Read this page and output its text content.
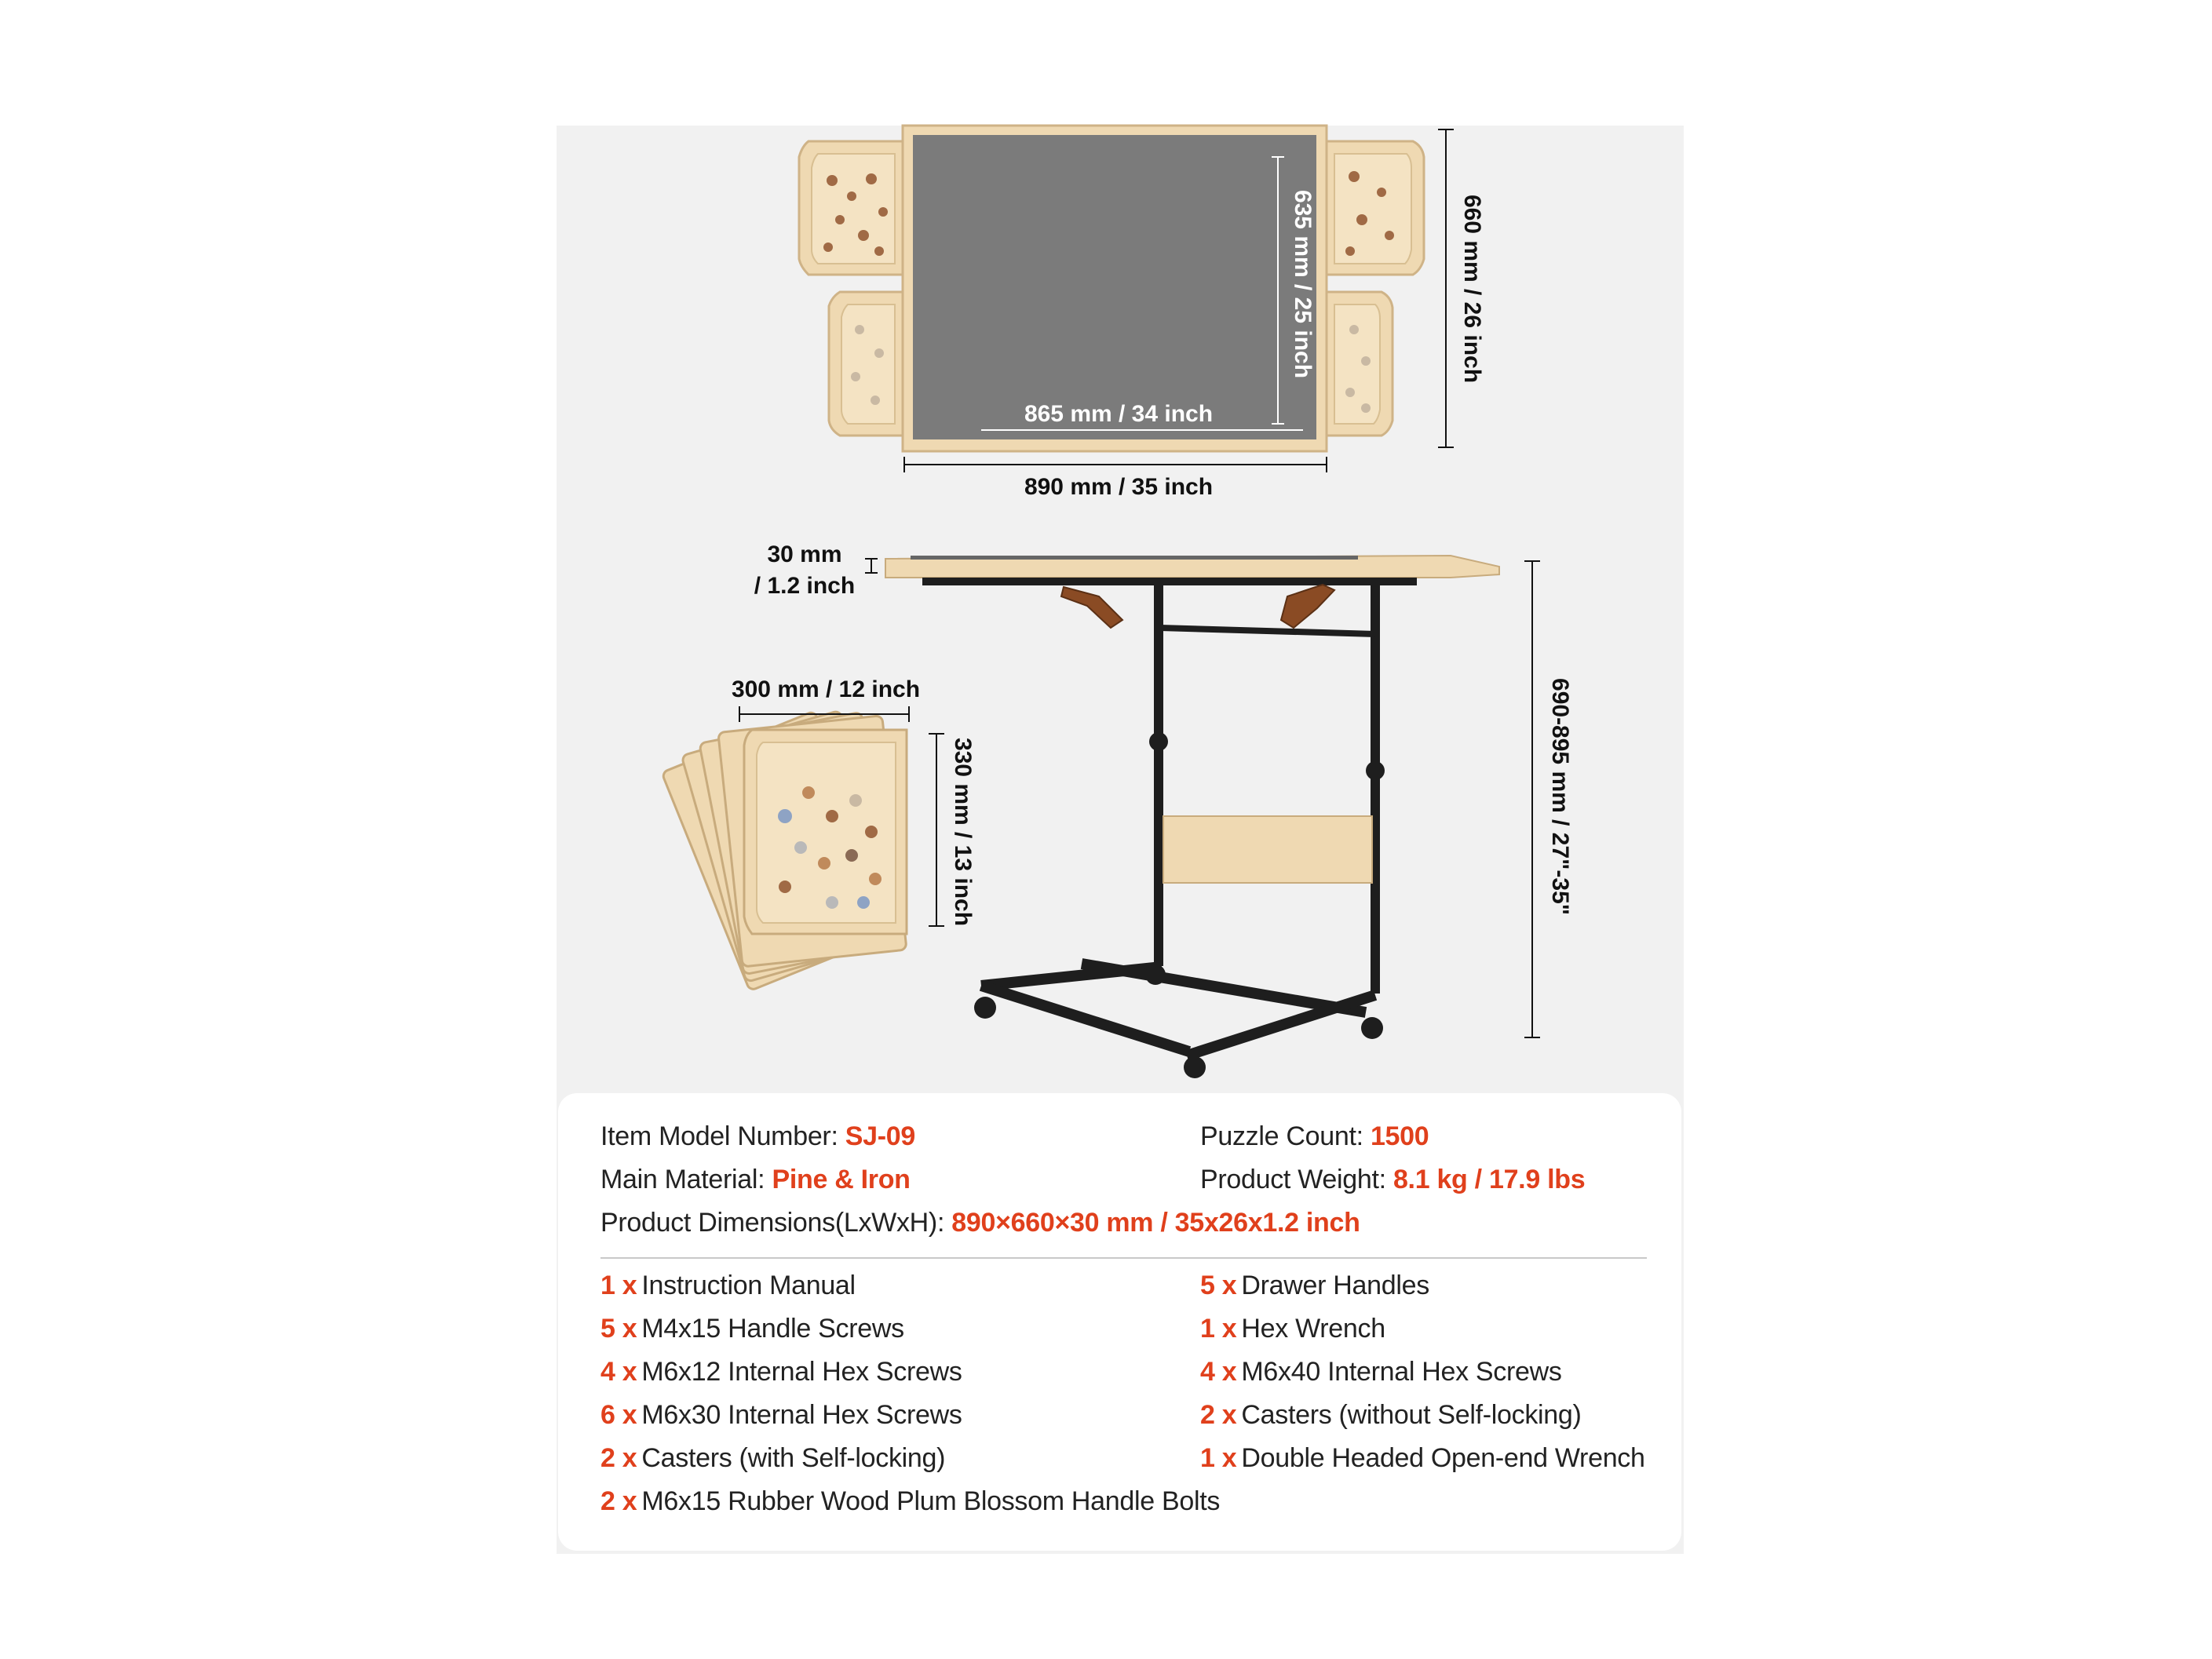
865 mm / 34 inch
635 mm / 25 inch
890 mm / 35 inch
660 mm / 26 inch
30 mm
/ 1.2 inch
690-895 mm / 27"-35"
300 mm / 12 inch
330 mm / 13 inch
Item Model Number: SJ-09	Puzzle Count: 1500
Main Material: Pine & Iron	Product Weight: 8.1 kg / 17.9 lbs
Product Dimensions(LxWxH): 890×660×30 mm / 35x26x1.2 inch
1 x Instruction Manual	5 x Drawer Handles
5 x M4x15 Handle Screws	1 x Hex Wrench
4 x M6x12 Internal Hex Screws	4 x M6x40 Internal Hex Screws
6 x M6x30 Internal Hex Screws	2 x Casters (without Self-locking)
2 x Casters (with Self-locking)	1 x Double Headed Open-end Wrench
2 x M6x15 Rubber Wood Plum Blossom Handle Bolts
